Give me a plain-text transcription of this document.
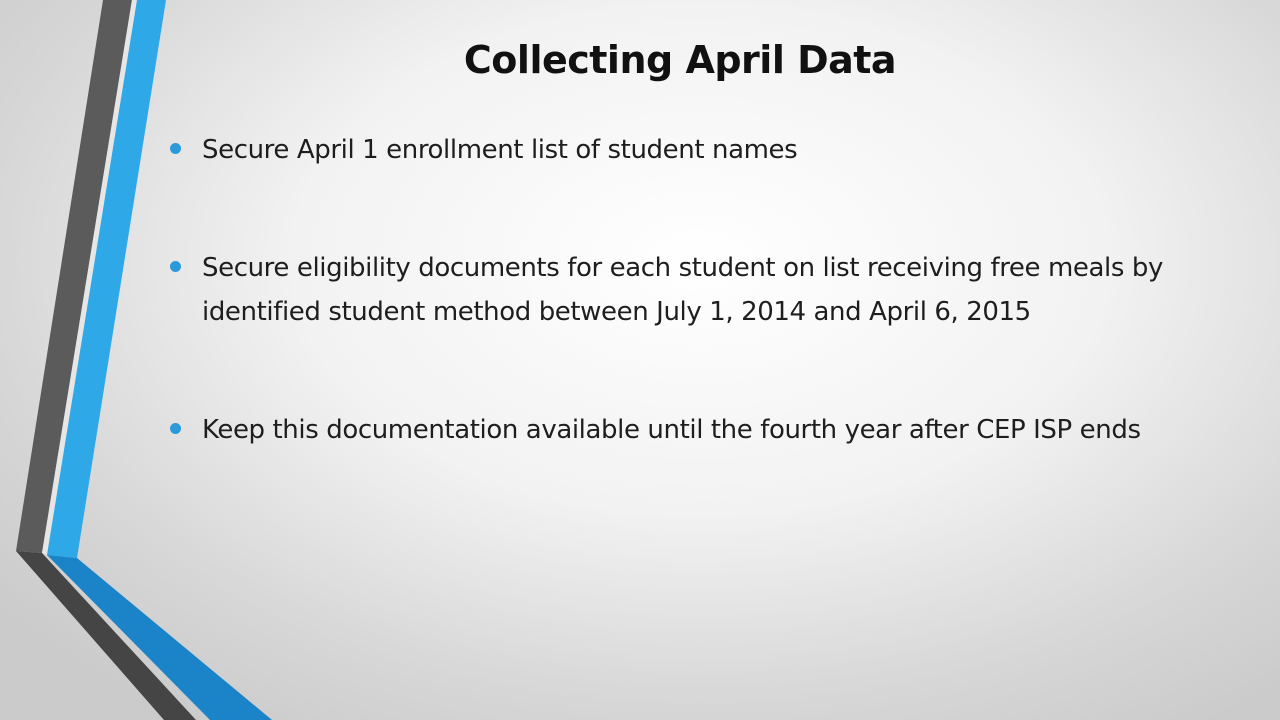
Collecting April Data
Secure April 1 enrollment list of student names
Secure eligibility documents for each student on list receiving free meals by identified student method between July 1, 2014 and April 6, 2015
Keep this documentation available until the fourth year after CEP ISP ends
